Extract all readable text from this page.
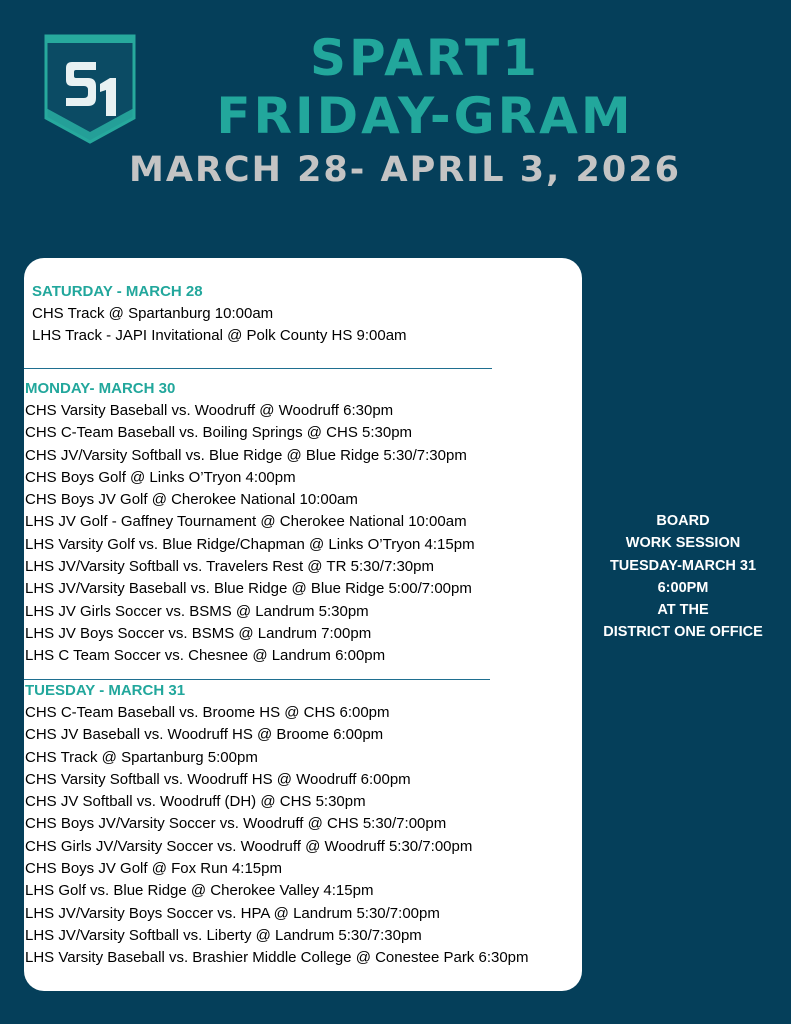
SPART1
FRIDAY-GRAM
MARCH 28- APRIL 3, 2026

SATURDAY - MARCH 28

CHS Track @ Spartanburg 10:00am

LHS Track - JAPI Invitational @ Polk County HS 9:00am

MONDAY- MARCH 30

CHS Varsity Baseball vs. Woodruff @ Woodruff 6:30pm

CHS C-Team Baseball vs. Boiling Springs @ CHS 5:30pm

CHS JV/Varsity Softball vs. Blue Ridge @ Blue Ridge 5:30/7:30pm

CHS Boys Golf @ Links O’Tryon 4:00pm

CHS Boys JV Golf @ Cherokee National 10:00am

LHS JV Golf - Gaffney Tournament @ Cherokee National 10:00am

LHS Varsity Golf vs. Blue Ridge/Chapman @ Links O’Tryon 4:15pm

LHS JV/Varsity Softball vs. Travelers Rest @ TR 5:30/7:30pm

LHS JV/Varsity Baseball vs. Blue Ridge @ Blue Ridge 5:00/7:00pm

LHS JV Girls Soccer vs. BSMS @ Landrum 5:30pm

LHS JV Boys Soccer vs. BSMS @ Landrum 7:00pm

LHS C Team Soccer vs. Chesnee @ Landrum 6:00pm

TUESDAY - MARCH 31

CHS C-Team Baseball vs. Broome HS @ CHS 6:00pm

CHS JV Baseball vs. Woodruff HS @ Broome 6:00pm

CHS Track @ Spartanburg 5:00pm

CHS Varsity Softball vs. Woodruff HS @ Woodruff 6:00pm

CHS JV Softball vs. Woodruff (DH) @ CHS 5:30pm

CHS Boys JV/Varsity Soccer vs. Woodruff @ CHS 5:30/7:00pm

CHS Girls JV/Varsity Soccer vs. Woodruff @ Woodruff 5:30/7:00pm

CHS Boys JV Golf @ Fox Run 4:15pm

LHS Golf vs. Blue Ridge @ Cherokee Valley 4:15pm

LHS JV/Varsity Boys Soccer vs. HPA @ Landrum 5:30/7:00pm

LHS JV/Varsity Softball vs. Liberty @ Landrum 5:30/7:30pm

LHS Varsity Baseball vs. Brashier Middle College @ Conestee Park 6:30pm

BOARD
WORK SESSION
TUESDAY-MARCH 31
6:00PM
AT THE
DISTRICT ONE OFFICE
